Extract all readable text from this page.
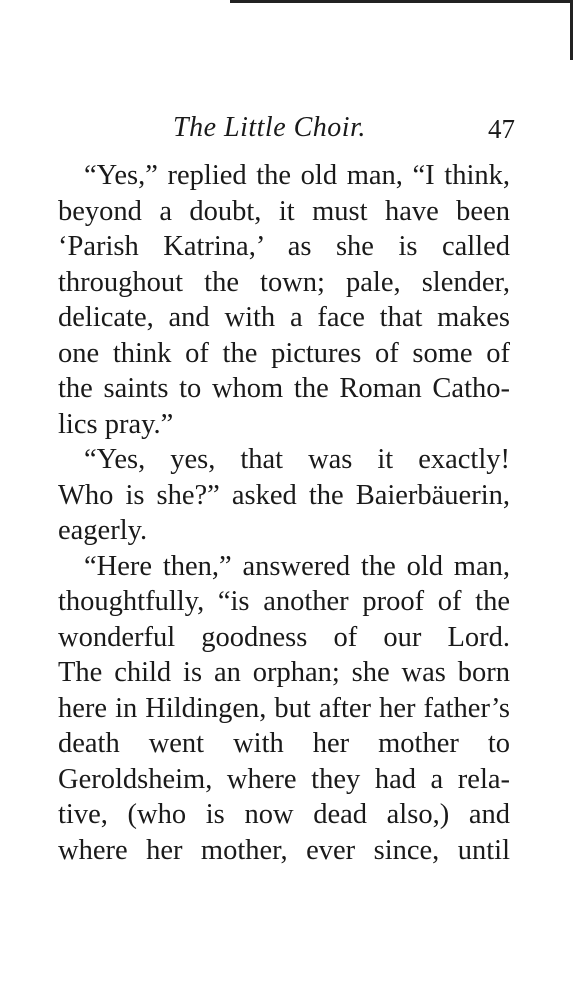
The Little Choir.	47
“Yes,” replied the old man, “I think,
beyond a doubt, it must have been
‘Parish Katrina,’ as she is called
throughout the town; pale, slender,
delicate, and with a face that makes
one think of the pictures of some of
the saints to whom the Roman Catho-
lics pray.”
“Yes, yes, that was it exactly!
Who is she?” asked the Baierbäuerin,
eagerly.
“Here then,” answered the old man,
thoughtfully, “is another proof of the
wonderful goodness of our Lord.
The child is an orphan; she was born
here in Hildingen, but after her father’s
death went with her mother to
Geroldsheim, where they had a rela-
tive, (who is now dead also,) and
where her mother, ever since, until
